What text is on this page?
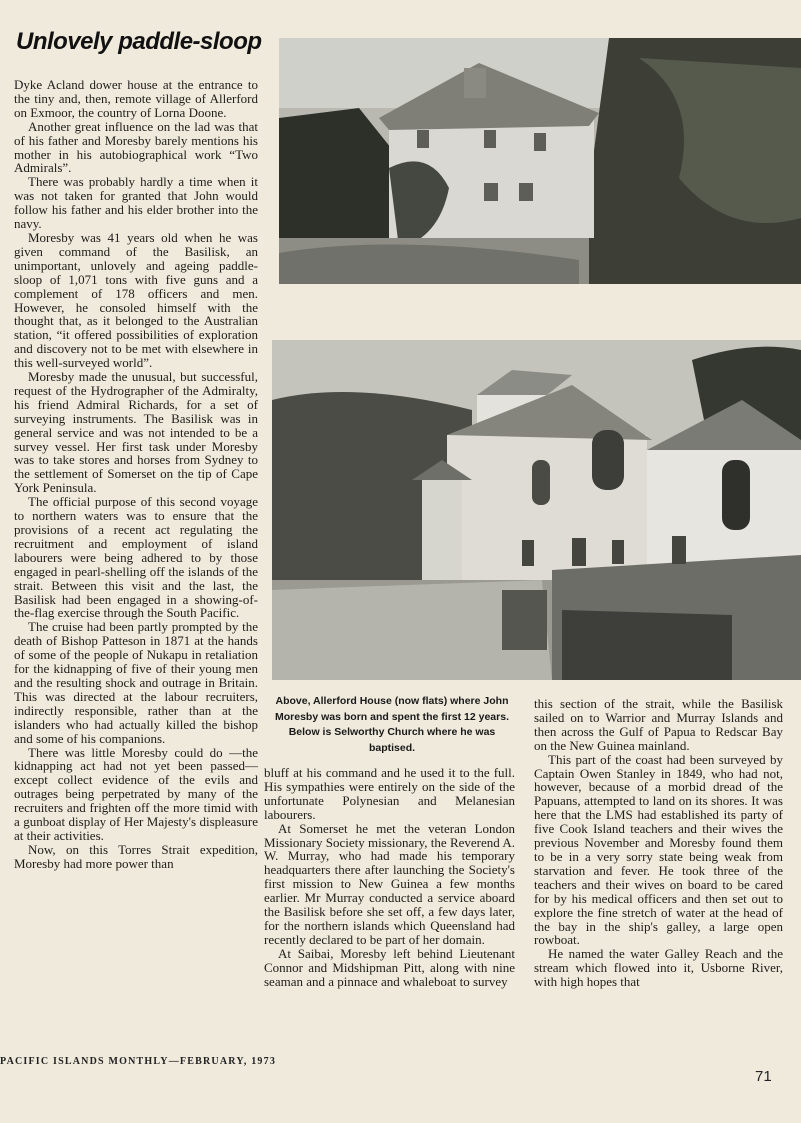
Unlovely paddle-sloop

Dyke Acland dower house at the entrance to the tiny and, then, remote village of Allerford on Exmoor, the country of Lorna Doone.

Another great influence on the lad was that of his father and Moresby barely mentions his mother in his autobiographical work “Two Admirals”.

There was probably hardly a time when it was not taken for granted that John would follow his father and his elder brother into the navy.

Moresby was 41 years old when he was given command of the Basilisk, an unimportant, unlovely and ageing paddle-sloop of 1,071 tons with five guns and a complement of 178 officers and men. However, he consoled himself with the thought that, as it belonged to the Australian station, “it offered possibilities of exploration and discovery not to be met with elsewhere in this well-surveyed world”.

Moresby made the unusual, but successful, request of the Hydrographer of the Admiralty, his friend Admiral Richards, for a set of surveying instruments. The Basilisk was in general service and was not intended to be a survey vessel. Her first task under Moresby was to take stores and horses from Sydney to the settlement of Somerset on the tip of Cape York Peninsula.

The official purpose of this second voyage to northern waters was to ensure that the provisions of a recent act regulating the recruitment and employment of island labourers were being adhered to by those engaged in pearl-shelling off the islands of the strait. Between this visit and the last, the Basilisk had been engaged in a showing-of-the-flag exercise through the South Pacific.

The cruise had been partly prompted by the death of Bishop Patteson in 1871 at the hands of some of the people of Nukapu in retaliation for the kidnapping of five of their young men and the resulting shock and outrage in Britain. This was directed at the labour recruiters, indirectly responsible, rather than at the islanders who had actually killed the bishop and some of his companions.

There was little Moresby could do —the kidnapping act had not yet been passed—except collect evidence of the evils and outrages being perpetrated by many of the recruiters and frighten off the more timid with a gunboat display of Her Majesty's displeasure at their activities.

Now, on this Torres Strait expedition, Moresby had more power than

Above, Allerford House (now flats) where John Moresby was born and spent the first 12 years. Below is Selworthy Church where he was baptised.

bluff at his command and he used it to the full. His sympathies were entirely on the side of the unfortunate Polynesian and Melanesian labourers.

At Somerset he met the veteran London Missionary Society missionary, the Reverend A. W. Murray, who had made his temporary headquarters there after launching the Society's first mission to New Guinea a few months earlier. Mr Murray conducted a service aboard the Basilisk before she set off, a few days later, for the northern islands which Queensland had recently declared to be part of her domain.

At Saibai, Moresby left behind Lieutenant Connor and Midshipman Pitt, along with nine seaman and a pinnace and whaleboat to survey

this section of the strait, while the Basilisk sailed on to Warrior and Murray Islands and then across the Gulf of Papua to Redscar Bay on the New Guinea mainland.

This part of the coast had been surveyed by Captain Owen Stanley in 1849, who had not, however, because of a morbid dread of the Papuans, attempted to land on its shores. It was here that the LMS had established its party of five Cook Island teachers and their wives the previous November and Moresby found them to be in a very sorry state being weak from starvation and fever. He took three of the teachers and their wives on board to be cared for by his medical officers and then set out to explore the fine stretch of water at the head of the bay in the ship's galley, a large open rowboat.

He named the water Galley Reach and the stream which flowed into it, Usborne River, with high hopes that

PACIFIC ISLANDS MONTHLY—FEBRUARY, 1973
71
